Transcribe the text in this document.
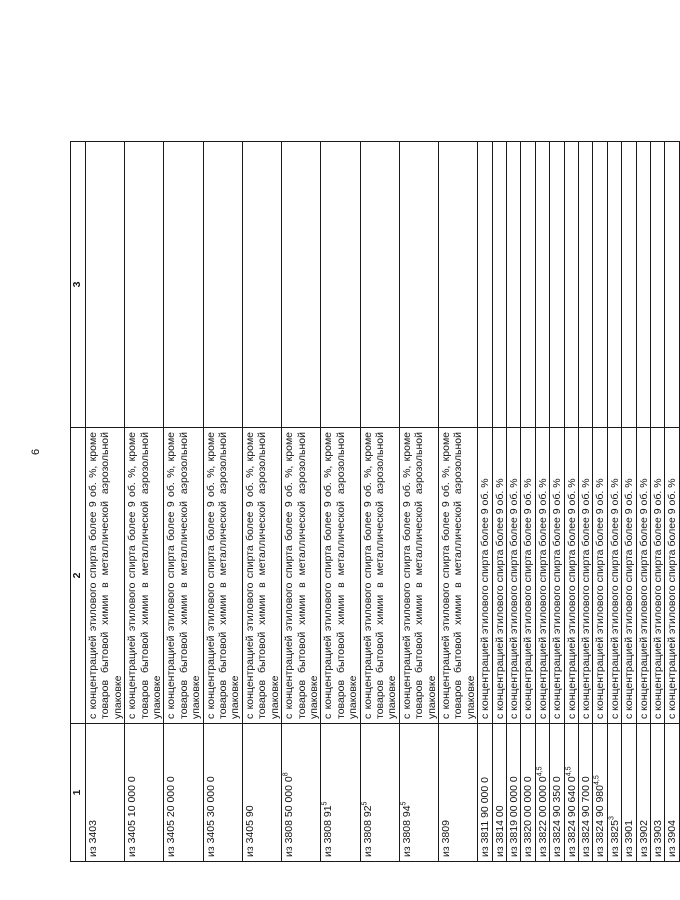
6
1	2	3
из 3403	с концентрацией этилового спирта более 9 об. %, кроме товаров бытовой химии в металлической аэрозольной упаковке	
из 3405 10 000 0	с концентрацией этилового спирта более 9 об. %, кроме товаров бытовой химии в металлической аэрозольной упаковке	
из 3405 20 000 0	с концентрацией этилового спирта более 9 об. %, кроме товаров бытовой химии в металлической аэрозольной упаковке	
из 3405 30 000 0	с концентрацией этилового спирта более 9 об. %, кроме товаров бытовой химии в металлической аэрозольной упаковке	
из 3405 90	с концентрацией этилового спирта более 9 об. %, кроме товаров бытовой химии в металлической аэрозольной упаковке	
из 3808 50 000 $0^8$	с концентрацией этилового спирта более 9 об. %, кроме товаров бытовой химии в металлической аэрозольной упаковке	
из 3808 $91^5$	с концентрацией этилового спирта более 9 об. %, кроме товаров бытовой химии в металлической аэрозольной упаковке	
из 3808 $92^5$	с концентрацией этилового спирта более 9 об. %, кроме товаров бытовой химии в металлической аэрозольной упаковке	
из 3808 $94^5$	с концентрацией этилового спирта более 9 об. %, кроме товаров бытовой химии в металлической аэрозольной упаковке	
из 3809	с концентрацией этилового спирта более 9 об. %, кроме товаров бытовой химии в металлической аэрозольной упаковке	
из 3811 90 000 0	с концентрацией этилового спирта более 9 об. %	
из 3814 00	с концентрацией этилового спирта более 9 об. %	
из 3819 00 000 0	с концентрацией этилового спирта более 9 об. %	
из 3820 00 000 0	с концентрацией этилового спирта более 9 об. %	
из 3822 00 000 0$^{4,5}$	с концентрацией этилового спирта более 9 об. %	
из 3824 90 350 0	с концентрацией этилового спирта более 9 об. %	
из 3824 90 640 0$^{4,5}$	с концентрацией этилового спирта более 9 об. %	
из 3824 90 700 0	с концентрацией этилового спирта более 9 об. %	
из 3824 90 980$^{4,5}$	с концентрацией этилового спирта более 9 об. %	
из 3825$^3$	с концентрацией этилового спирта более 9 об. %	
из 3901	с концентрацией этилового спирта более 9 об. %	
из 3902	с концентрацией этилового спирта более 9 об. %	
из 3903	с концентрацией этилового спирта более 9 об. %	
из 3904	с концентрацией этилового спирта более 9 об. %	
